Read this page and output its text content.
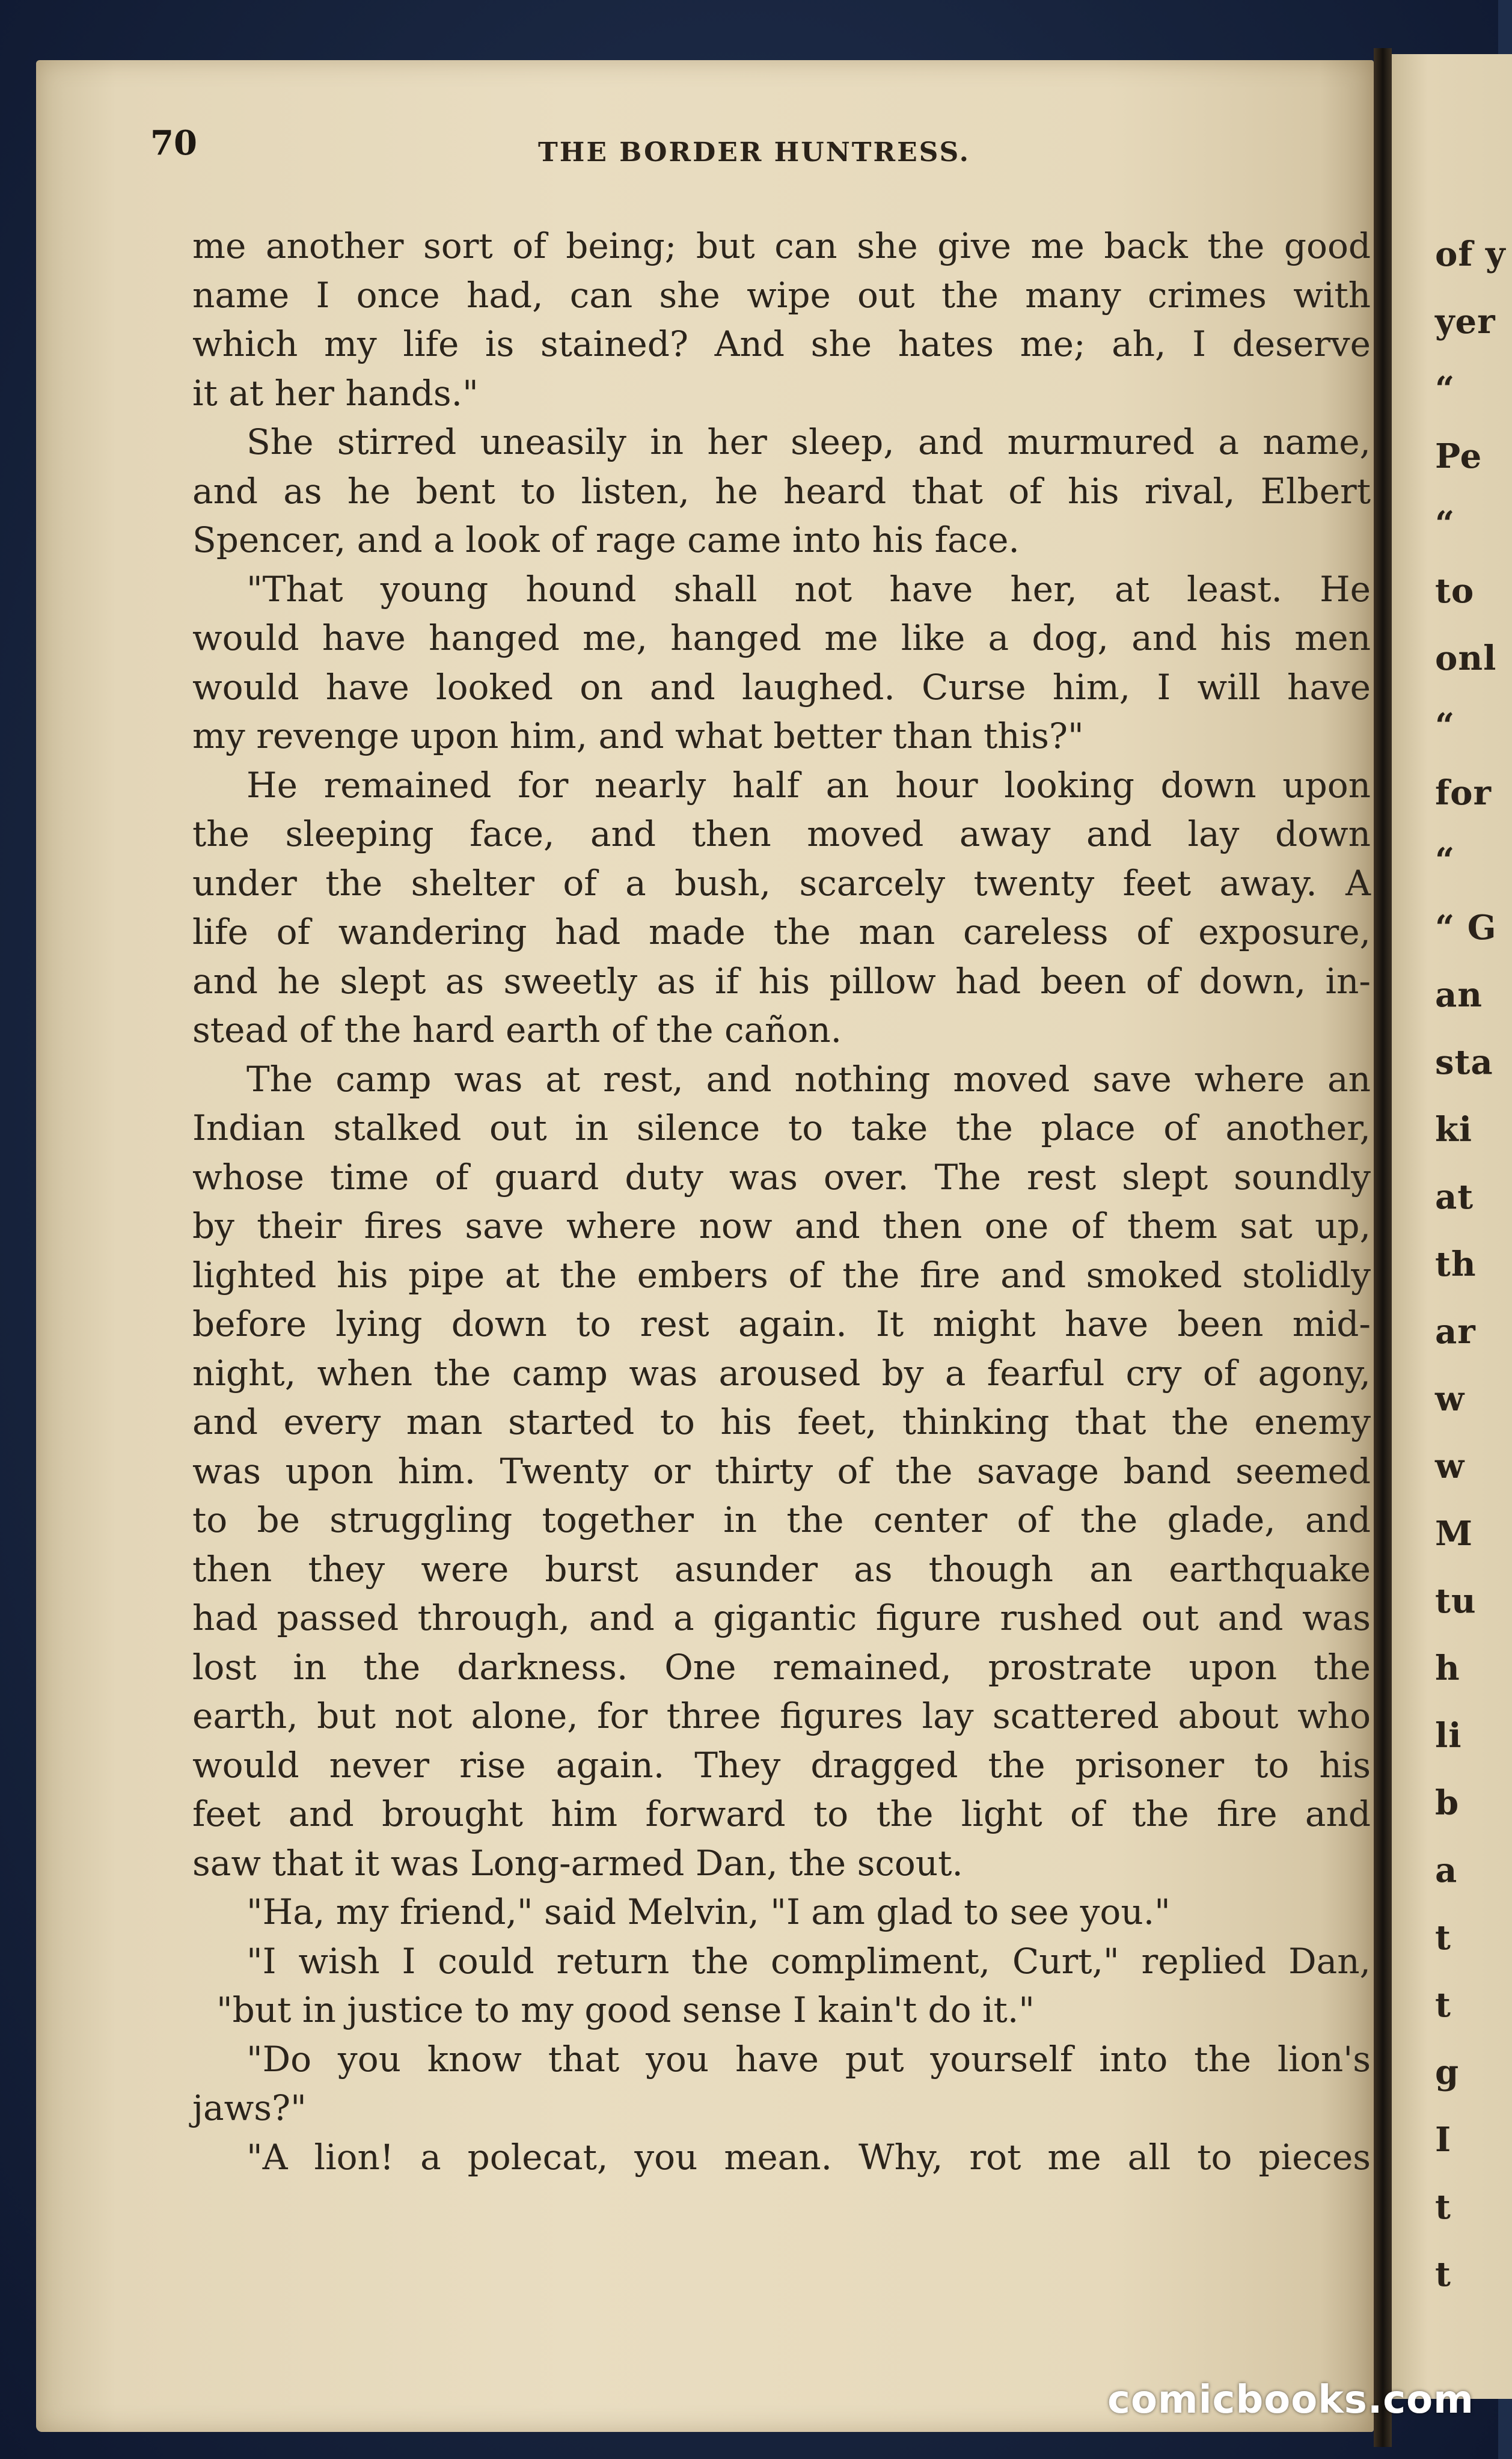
of y
yer
“
Pe
“
to
onl
“
for
“
“ G
an
sta
ki
at
th
ar
w
w
M
tu
h
li
b
a
t
t
g
I
t
t
70	THE BORDER HUNTRESS.
me another sort of being; but can she give me back the good
name I once had, can she wipe out the many crimes with
which my life is stained? And she hates me; ah, I deserve
it at her hands."
She stirred uneasily in her sleep, and murmured a name,
and as he bent to listen, he heard that of his rival, Elbert
Spencer, and a look of rage came into his face.
"That young hound shall not have her, at least. He
would have hanged me, hanged me like a dog, and his men
would have looked on and laughed. Curse him, I will have
my revenge upon him, and what better than this?"
He remained for nearly half an hour looking down upon
the sleeping face, and then moved away and lay down
under the shelter of a bush, scarcely twenty feet away. A
life of wandering had made the man careless of exposure,
and he slept as sweetly as if his pillow had been of down, in-
stead of the hard earth of the cañon.
The camp was at rest, and nothing moved save where an
Indian stalked out in silence to take the place of another,
whose time of guard duty was over. The rest slept soundly
by their fires save where now and then one of them sat up,
lighted his pipe at the embers of the fire and smoked stolidly
before lying down to rest again. It might have been mid-
night, when the camp was aroused by a fearful cry of agony,
and every man started to his feet, thinking that the enemy
was upon him. Twenty or thirty of the savage band seemed
to be struggling together in the center of the glade, and
then they were burst asunder as though an earthquake
had passed through, and a gigantic figure rushed out and was
lost in the darkness. One remained, prostrate upon the
earth, but not alone, for three figures lay scattered about who
would never rise again. They dragged the prisoner to his
feet and brought him forward to the light of the fire and
saw that it was Long-armed Dan, the scout.
"Ha, my friend," said Melvin, "I am glad to see you."
"I wish I could return the compliment, Curt," replied Dan,
"but in justice to my good sense I kain't do it."
"Do you know that you have put yourself into the lion's
jaws?"
"A lion! a polecat, you mean. Why, rot me all to pieces
comicbooks.com
